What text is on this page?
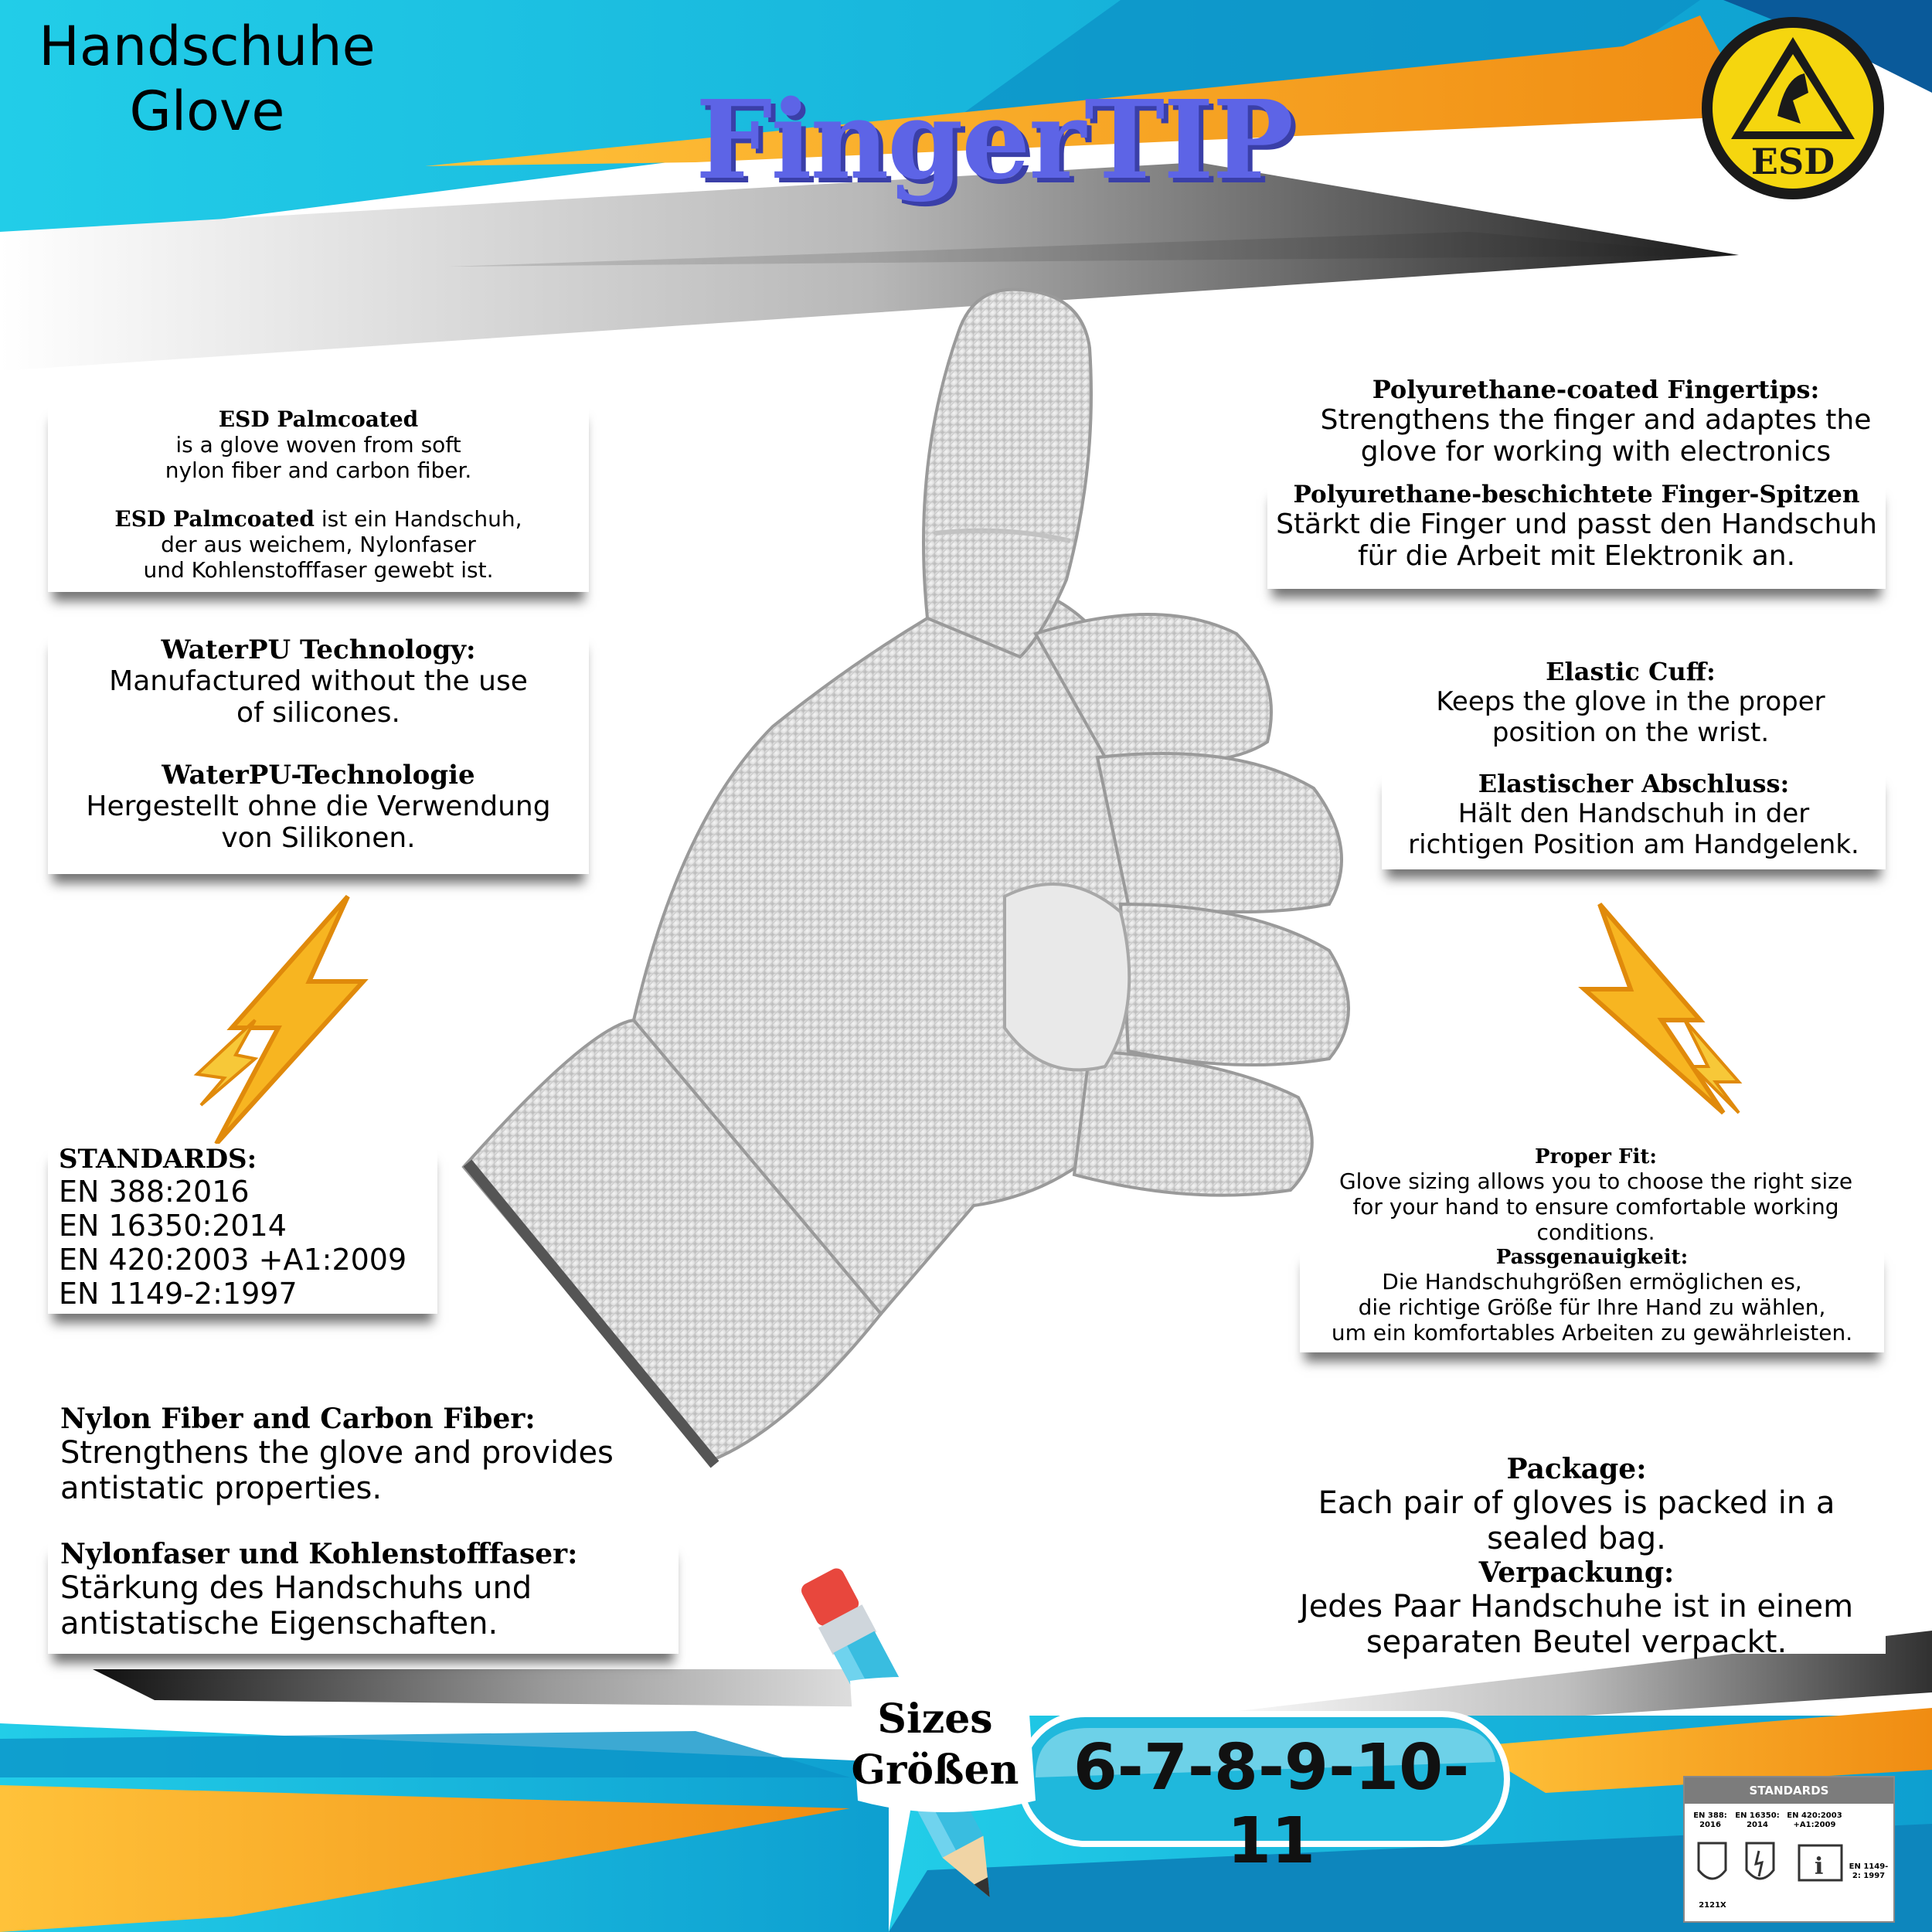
Handschuhe
Glove	FingerTIP	ESD
ESD Palmcoated
is a glove woven from soft
nylon fiber and carbon fiber.
ESD Palmcoated ist ein Handschuh,
der aus weichem, Nylonfaser
und Kohlenstofffaser gewebt ist.
WaterPU Technology:
Manufactured without the use
of silicones.
WaterPU-Technologie
Hergestellt ohne die Verwendung
von Silikonen.
STANDARDS:
EN 388:2016
EN 16350:2014
EN 420:2003 +A1:2009
EN 1149-2:1997
Nylon Fiber and Carbon Fiber:
Strengthens the glove and provides
antistatic properties.
Nylonfaser und Kohlenstofffaser:
Stärkung des Handschuhs und
antistatische Eigenschaften.
Polyurethane-coated Fingertips:
Strengthens the finger and adaptes the
glove for working with electronics
Polyurethane-beschichtete Finger-Spitzen
Stärkt die Finger und passt den Handschuh
für die Arbeit mit Elektronik an.
Elastic Cuff:
Keeps the glove in the proper
position on the wrist.
Elastischer Abschluss:
Hält den Handschuh in der
richtigen Position am Handgelenk.
Proper Fit:
Glove sizing allows you to choose the right size
for your hand to ensure comfortable working
conditions.
Passgenauigkeit:
Die Handschuhgrößen ermöglichen es,
die richtige Größe für Ihre Hand zu wählen,
um ein komfortables Arbeiten zu gewährleisten.
Package:
Each pair of gloves is packed in a
sealed bag.
Verpackung:
Jedes Paar Handschuhe ist in einem
separaten Beutel verpackt.
Sizes
Größen 6-7-8-9-10-11
STANDARDS
EN 388: 2016
EN 16350: 2014
EN 420:2003 +A1:2009
EN 1149-2: 1997
i
2121X
